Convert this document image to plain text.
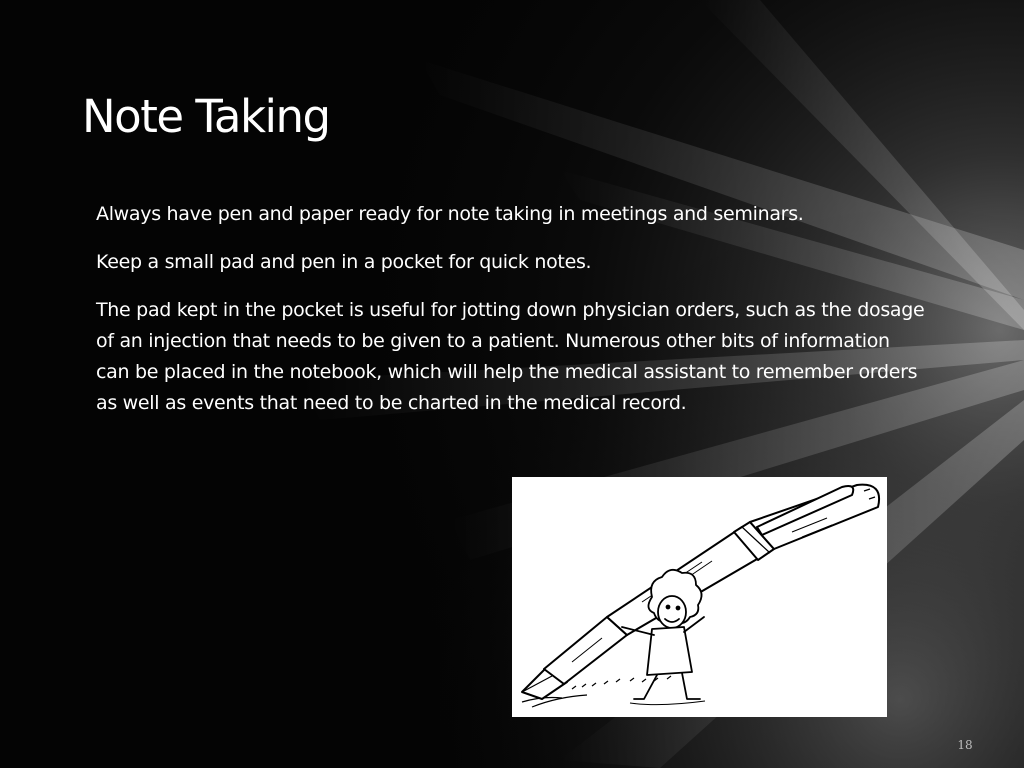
Note Taking

Always have pen and paper ready for note taking in meetings and seminars.

Keep a small pad and pen in a pocket for quick notes.

The pad kept in the pocket is useful for jotting down physician orders, such as the dosage of an injection that needs to be given to a patient. Numerous other bits of information can be placed in the notebook, which will help the medical assistant to remember orders as well as events that need to be charted in the medical record.

18
